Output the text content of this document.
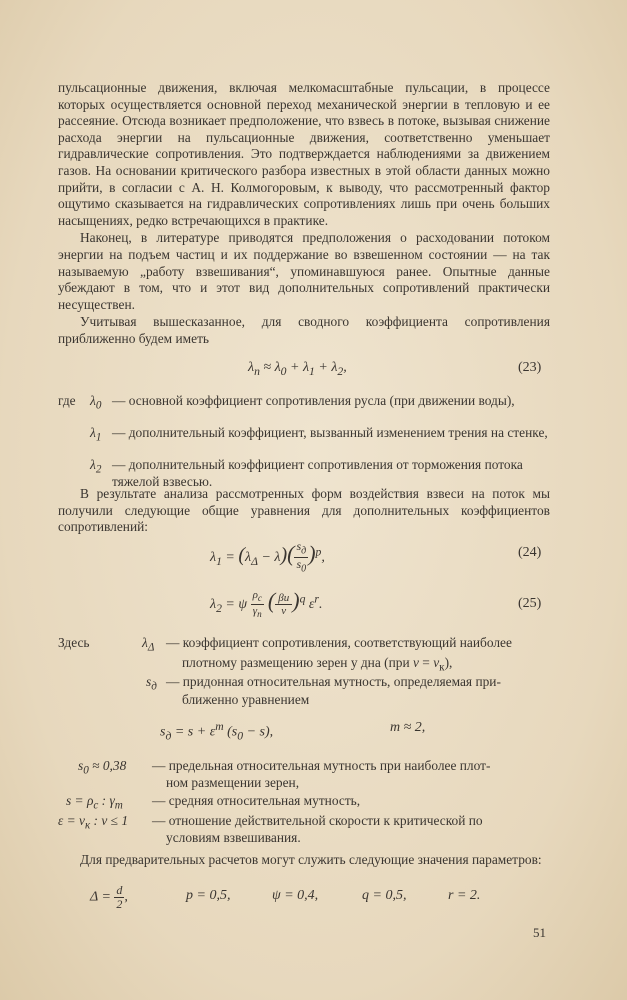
пульсационные движения, включая мелкомасштабные пульсации, в процессе которых осуществляется основной переход механической энергии в тепловую и ее рассеяние. Отсюда возникает предположение, что взвесь в потоке, вызывая снижение расхода энергии на пульсационные движения, соответственно уменьшает гидравлические сопротивления. Это подтверждается наблюдениями за движением газов. На основании критического разбора известных в этой области данных можно прийти, в согласии с А. Н. Колмогоровым, к выводу, что рассмотренный фактор ощутимо сказывается на гидравлических сопротивлениях лишь при очень больших насыщениях, редко встречающихся в практике.

Наконец, в литературе приводятся предположения о расходовании потоком энергии на подъем частиц и их поддержание во взвешенном состоянии — на так называемую „работу взвешивания“, упоминавшуюся ранее. Опытные данные убеждают в том, что и этот вид дополнительных сопротивлений практически несуществен.

Учитывая вышесказанное, для сводного коэффициента сопротивления приближенно будем иметь

$\lambda_п \approx \lambda_0 + \lambda_1 + \lambda_2$,	(23)
где $\lambda_0$ — основной коэффициент сопротивления русла (при движении воды),
$\lambda_1$ — дополнительный коэффициент, вызванный изменением трения на стенке,
$\lambda_2$ — дополнительный коэффициент сопротивления от торможения потока тяжелой взвесью.

В результате анализа рассмотренных форм воздействия взвеси на поток мы получили следующие общие уравнения для дополнительных коэффициентов сопротивлений:

$\lambda_1 = (\lambda_\Delta - \lambda)$( $s_д$
$s_0$
)$^p$,	(24)
$\lambda_2 = \psi$
$\rho_c$
$\gamma_п$
( $\frac{\beta u}{v} )^q$ $\varepsilon^r$.	(25)
Здесь	$\lambda_\Delta$ — коэффициент сопротивления, соответствующий наиболее
плотному размещению зерен у дна (при $v = v_к$),
$s_д$ — придонная относительная мутность, определяемая при-
ближенно уравнением
$s_д = s + \varepsilon^m$ $(s_0 - s)$,	m ≈ 2,
$s_0 \approx 0,38$ — предельная относительная мутность при наиболее плот-
ном размещении зерен,
$s = \rho_c$ : $\gamma_т$ — средняя относительная мутность,
$\varepsilon = v_к$ : v ≤ 1 — отношение действительной скорости к критической по
условиям взвешивания.

Для предварительных расчетов могут служить следующие значения параметров:

$\Delta = \frac{d}{2}$ ,	p = 0,5,	ψ = 0,4,	q = 0,5,	r = 2.
51
